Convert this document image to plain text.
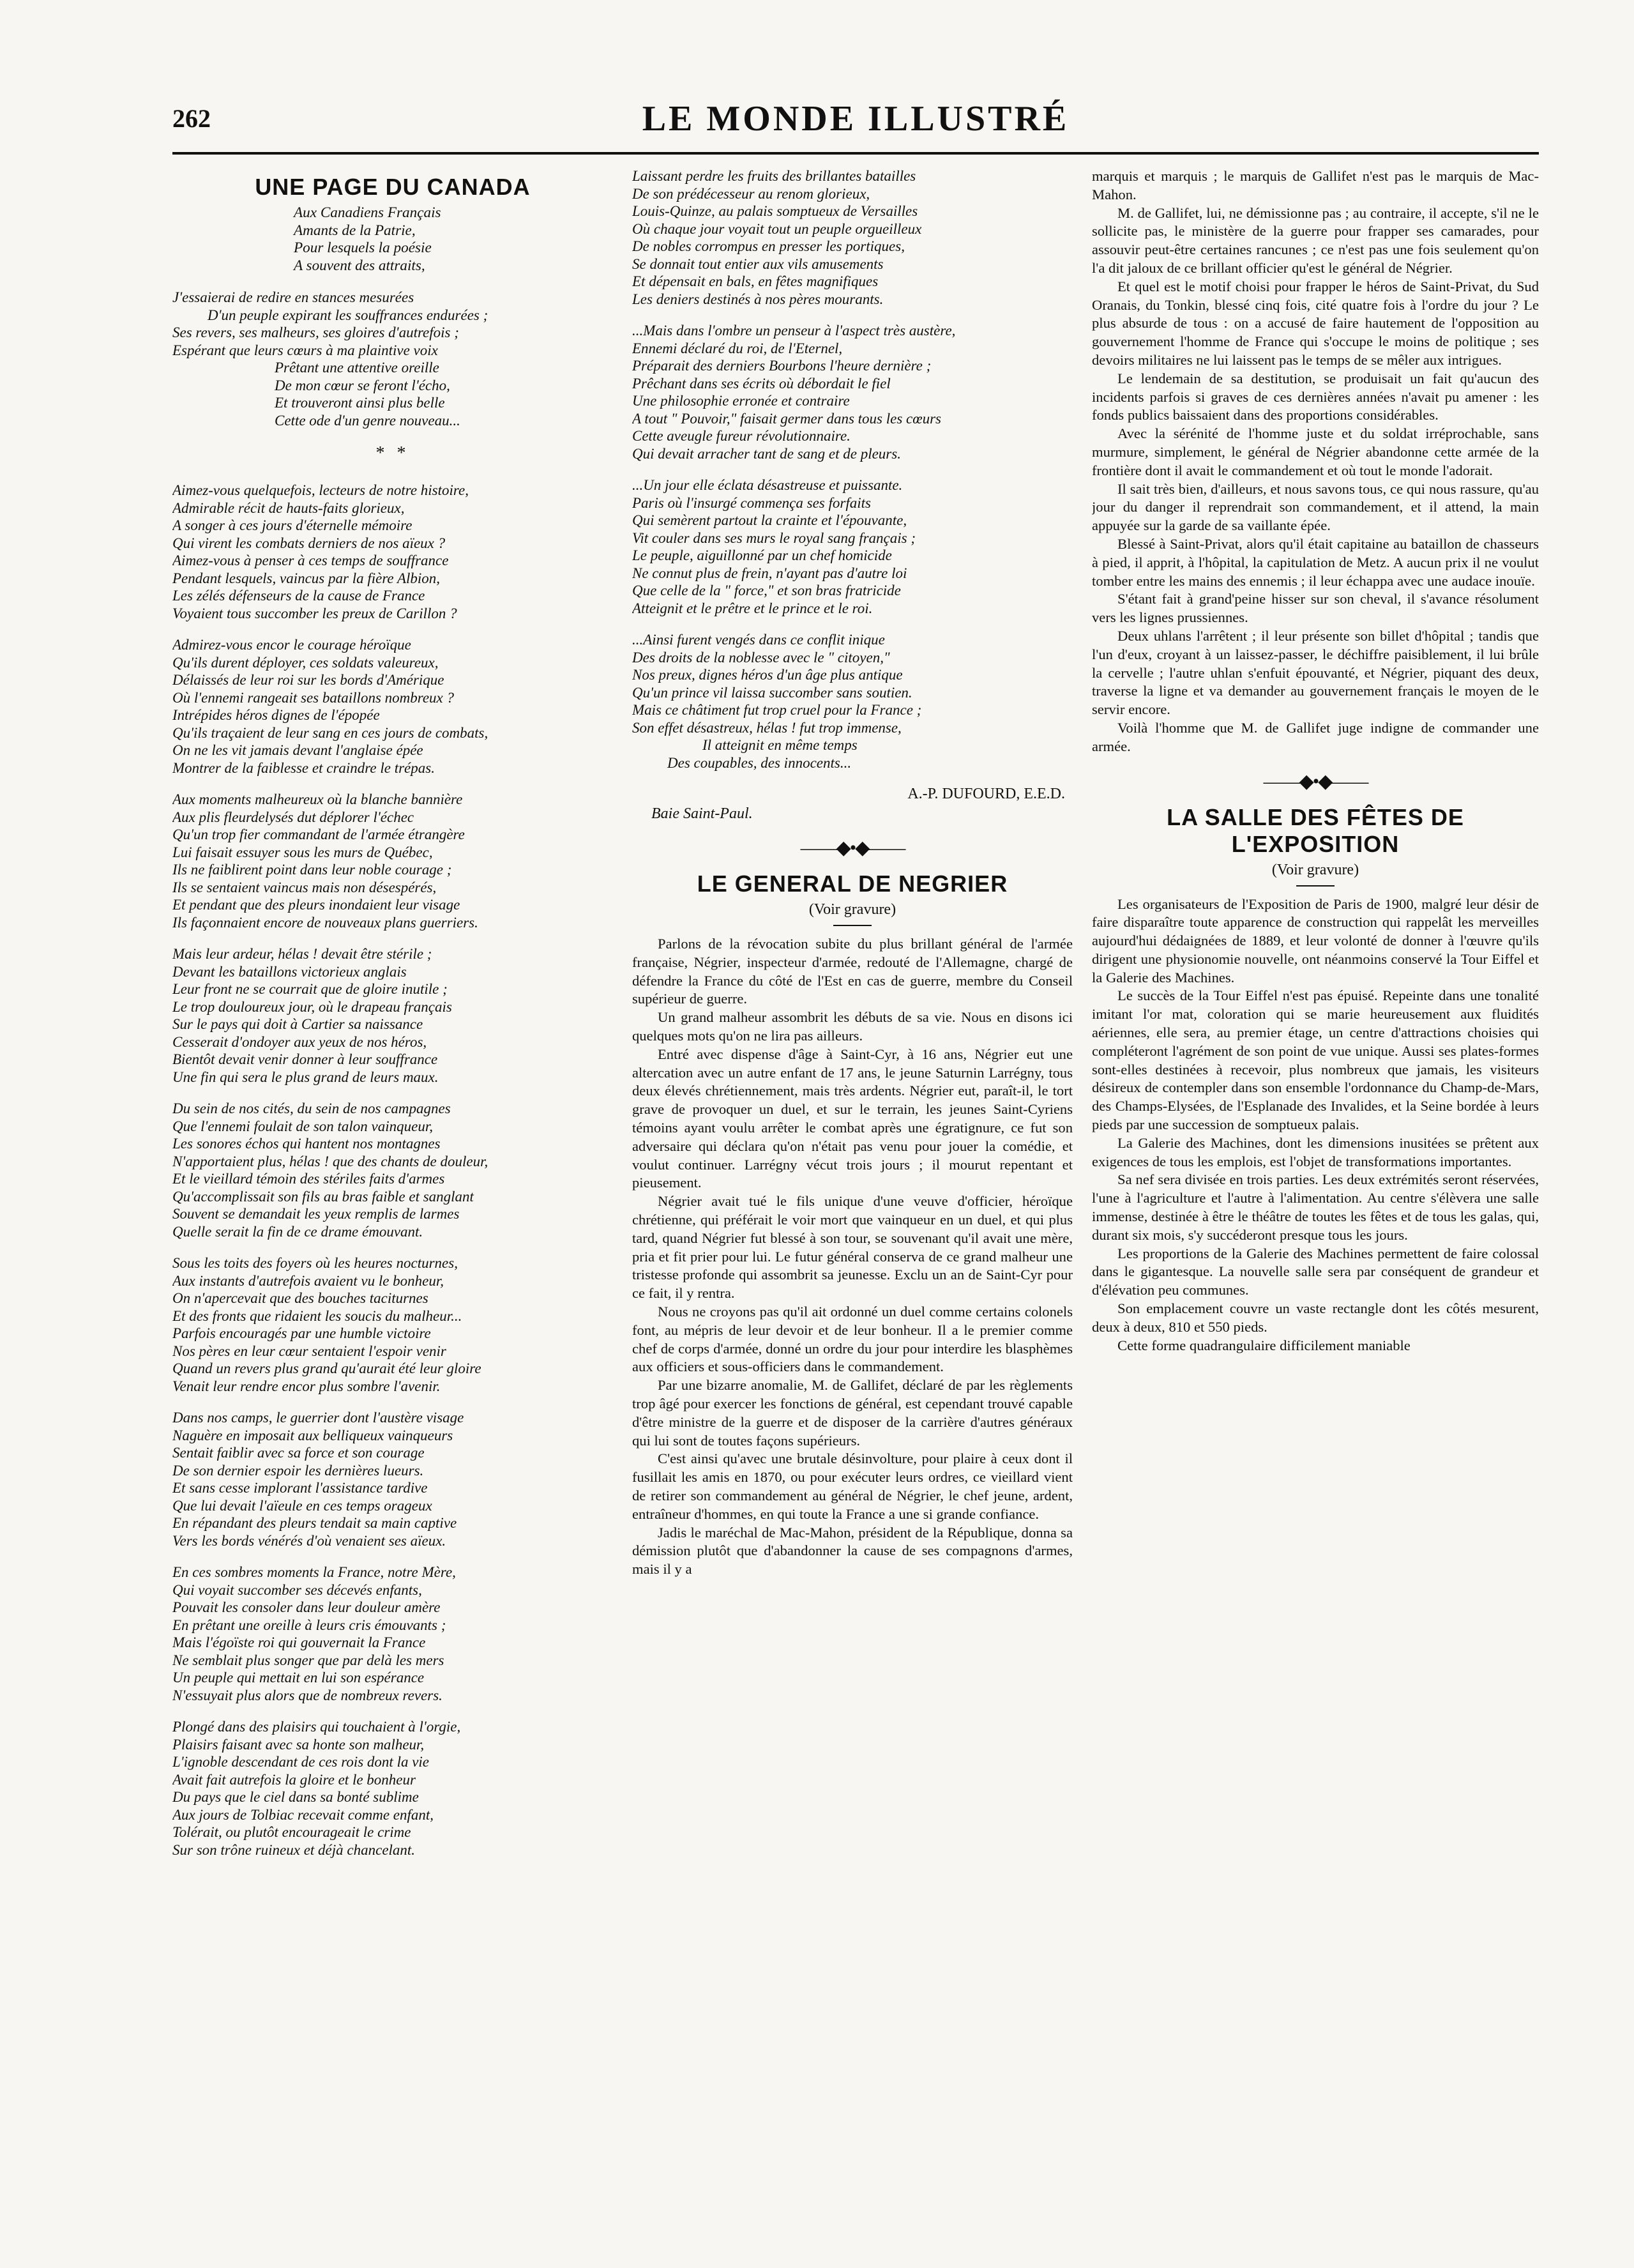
262	LE MONDE ILLUSTRÉ
UNE PAGE DU CANADA
Aux Canadiens Français
Amants de la Patrie,
Pour lesquels la poésie
A souvent des attraits,
J'essaierai de redire en stances mesurées
D'un peuple expirant les souffrances endurées ;
Ses revers, ses malheurs, ses gloires d'autrefois ;
Espérant que leurs cœurs à ma plaintive voix
Prêtant une attentive oreille
De mon cœur se feront l'écho,
Et trouveront ainsi plus belle
Cette ode d'un genre nouveau...
* *
Aimez-vous quelquefois, lecteurs de notre histoire,
Admirable récit de hauts-faits glorieux,
A songer à ces jours d'éternelle mémoire
Qui virent les combats derniers de nos aïeux ?
Aimez-vous à penser à ces temps de souffrance
Pendant lesquels, vaincus par la fière Albion,
Les zélés défenseurs de la cause de France
Voyaient tous succomber les preux de Carillon ?
Admirez-vous encor le courage héroïque
Qu'ils durent déployer, ces soldats valeureux,
Délaissés de leur roi sur les bords d'Amérique
Où l'ennemi rangeait ses bataillons nombreux ?
Intrépides héros dignes de l'épopée
Qu'ils traçaient de leur sang en ces jours de combats,
On ne les vit jamais devant l'anglaise épée
Montrer de la faiblesse et craindre le trépas.
Aux moments malheureux où la blanche bannière
Aux plis fleurdelysés dut déplorer l'échec
Qu'un trop fier commandant de l'armée étrangère
Lui faisait essuyer sous les murs de Québec,
Ils ne faiblirent point dans leur noble courage ;
Ils se sentaient vaincus mais non désespérés,
Et pendant que des pleurs inondaient leur visage
Ils façonnaient encore de nouveaux plans guerriers.
Mais leur ardeur, hélas ! devait être stérile ;
Devant les bataillons victorieux anglais
Leur front ne se courrait que de gloire inutile ;
Le trop douloureux jour, où le drapeau français
Sur le pays qui doit à Cartier sa naissance
Cesserait d'ondoyer aux yeux de nos héros,
Bientôt devait venir donner à leur souffrance
Une fin qui sera le plus grand de leurs maux.
Du sein de nos cités, du sein de nos campagnes
Que l'ennemi foulait de son talon vainqueur,
Les sonores échos qui hantent nos montagnes
N'apportaient plus, hélas ! que des chants de douleur,
Et le vieillard témoin des stériles faits d'armes
Qu'accomplissait son fils au bras faible et sanglant
Souvent se demandait les yeux remplis de larmes
Quelle serait la fin de ce drame émouvant.
Sous les toits des foyers où les heures nocturnes,
Aux instants d'autrefois avaient vu le bonheur,
On n'apercevait que des bouches taciturnes
Et des fronts que ridaient les soucis du malheur...
Parfois encouragés par une humble victoire
Nos pères en leur cœur sentaient l'espoir venir
Quand un revers plus grand qu'aurait été leur gloire
Venait leur rendre encor plus sombre l'avenir.
Dans nos camps, le guerrier dont l'austère visage
Naguère en imposait aux belliqueux vainqueurs
Sentait faiblir avec sa force et son courage
De son dernier espoir les dernières lueurs.
Et sans cesse implorant l'assistance tardive
Que lui devait l'aïeule en ces temps orageux
En répandant des pleurs tendait sa main captive
Vers les bords vénérés d'où venaient ses aïeux.
En ces sombres moments la France, notre Mère,
Qui voyait succomber ses décevés enfants,
Pouvait les consoler dans leur douleur amère
En prêtant une oreille à leurs cris émouvants ;
Mais l'égoïste roi qui gouvernait la France
Ne semblait plus songer que par delà les mers
Un peuple qui mettait en lui son espérance
N'essuyait plus alors que de nombreux revers.
Plongé dans des plaisirs qui touchaient à l'orgie,
Plaisirs faisant avec sa honte son malheur,
L'ignoble descendant de ces rois dont la vie
Avait fait autrefois la gloire et le bonheur
Du pays que le ciel dans sa bonté sublime
Aux jours de Tolbiac recevait comme enfant,
Tolérait, ou plutôt encourageait le crime
Sur son trône ruineux et déjà chancelant.
Laissant perdre les fruits des brillantes batailles
De son prédécesseur au renom glorieux,
Louis-Quinze, au palais somptueux de Versailles
Où chaque jour voyait tout un peuple orgueilleux
De nobles corrompus en presser les portiques,
Se donnait tout entier aux vils amusements
Et dépensait en bals, en fêtes magnifiques
Les deniers destinés à nos pères mourants.
...Mais dans l'ombre un penseur à l'aspect très austère,
Ennemi déclaré du roi, de l'Eternel,
Préparait des derniers Bourbons l'heure dernière ;
Prêchant dans ses écrits où débordait le fiel
Une philosophie erronée et contraire
A tout " Pouvoir," faisait germer dans tous les cœurs
Cette aveugle fureur révolutionnaire.
Qui devait arracher tant de sang et de pleurs.
...Un jour elle éclata désastreuse et puissante.
Paris où l'insurgé commença ses forfaits
Qui semèrent partout la crainte et l'épouvante,
Vit couler dans ses murs le royal sang français ;
Le peuple, aiguillonné par un chef homicide
Ne connut plus de frein, n'ayant pas d'autre loi
Que celle de la " force," et son bras fratricide
Atteignit et le prêtre et le prince et le roi.
...Ainsi furent vengés dans ce conflit inique
Des droits de la noblesse avec le " citoyen,"
Nos preux, dignes héros d'un âge plus antique
Qu'un prince vil laissa succomber sans soutien.
Mais ce châtiment fut trop cruel pour la France ;
Son effet désastreux, hélas ! fut trop immense,
Il atteignit en même temps
Des coupables, des innocents...
A.-P. DUFOURD, E.E.D.
Baie Saint-Paul.
——◆•◆——
LE GENERAL DE NEGRIER
(Voir gravure)

Parlons de la révocation subite du plus brillant général de l'armée française, Négrier, inspecteur d'armée, redouté de l'Allemagne, chargé de défendre la France du côté de l'Est en cas de guerre, membre du Conseil supérieur de guerre.

Un grand malheur assombrit les débuts de sa vie. Nous en disons ici quelques mots qu'on ne lira pas ailleurs.

Entré avec dispense d'âge à Saint-Cyr, à 16 ans, Négrier eut une altercation avec un autre enfant de 17 ans, le jeune Saturnin Larrégny, tous deux élevés chrétiennement, mais très ardents. Négrier eut, paraît-il, le tort grave de provoquer un duel, et sur le terrain, les jeunes Saint-Cyriens témoins ayant voulu arrêter le combat après une égratignure, ce fut son adversaire qui déclara qu'on n'était pas venu pour jouer la comédie, et voulut continuer. Larrégny vécut trois jours ; il mourut repentant et pieusement.

Négrier avait tué le fils unique d'une veuve d'officier, héroïque chrétienne, qui préférait le voir mort que vainqueur en un duel, et qui plus tard, quand Négrier fut blessé à son tour, se souvenant qu'il avait une mère, pria et fit prier pour lui. Le futur général conserva de ce grand malheur une tristesse profonde qui assombrit sa jeunesse. Exclu un an de Saint-Cyr pour ce fait, il y rentra.

Nous ne croyons pas qu'il ait ordonné un duel comme certains colonels font, au mépris de leur devoir et de leur bonheur. Il a le premier comme chef de corps d'armée, donné un ordre du jour pour interdire les blasphèmes aux officiers et sous-officiers dans le commandement.

Par une bizarre anomalie, M. de Gallifet, déclaré de par les règlements trop âgé pour exercer les fonctions de général, est cependant trouvé capable d'être ministre de la guerre et de disposer de la carrière d'autres généraux qui lui sont de toutes façons supérieurs.

C'est ainsi qu'avec une brutale désinvolture, pour plaire à ceux dont il fusillait les amis en 1870, ou pour exécuter leurs ordres, ce vieillard vient de retirer son commandement au général de Négrier, le chef jeune, ardent, entraîneur d'hommes, en qui toute la France a une si grande confiance.

Jadis le maréchal de Mac-Mahon, président de la République, donna sa démission plutôt que d'abandonner la cause de ses compagnons d'armes, mais il y a

marquis et marquis ; le marquis de Gallifet n'est pas le marquis de Mac-Mahon.

M. de Gallifet, lui, ne démissionne pas ; au contraire, il accepte, s'il ne le sollicite pas, le ministère de la guerre pour frapper ses camarades, pour assouvir peut-être certaines rancunes ; ce n'est pas une fois seulement qu'on l'a dit jaloux de ce brillant officier qu'est le général de Négrier.

Et quel est le motif choisi pour frapper le héros de Saint-Privat, du Sud Oranais, du Tonkin, blessé cinq fois, cité quatre fois à l'ordre du jour ? Le plus absurde de tous : on a accusé de faire hautement de l'opposition au gouvernement l'homme de France qui s'occupe le moins de politique ; ses devoirs militaires ne lui laissent pas le temps de se mêler aux intrigues.

Le lendemain de sa destitution, se produisait un fait qu'aucun des incidents parfois si graves de ces dernières années n'avait pu amener : les fonds publics baissaient dans des proportions considérables.

Avec la sérénité de l'homme juste et du soldat irréprochable, sans murmure, simplement, le général de Négrier abandonne cette armée de la frontière dont il avait le commandement et où tout le monde l'adorait.

Il sait très bien, d'ailleurs, et nous savons tous, ce qui nous rassure, qu'au jour du danger il reprendrait son commandement, et il attend, la main appuyée sur la garde de sa vaillante épée.

Blessé à Saint-Privat, alors qu'il était capitaine au bataillon de chasseurs à pied, il apprit, à l'hôpital, la capitulation de Metz. A aucun prix il ne voulut tomber entre les mains des ennemis ; il leur échappa avec une audace inouïe.

S'étant fait à grand'peine hisser sur son cheval, il s'avance résolument vers les lignes prussiennes.

Deux uhlans l'arrêtent ; il leur présente son billet d'hôpital ; tandis que l'un d'eux, croyant à un laissez-passer, le déchiffre paisiblement, il lui brûle la cervelle ; l'autre uhlan s'enfuit épouvanté, et Négrier, piquant des deux, traverse la ligne et va demander au gouvernement français le moyen de le servir encore.

Voilà l'homme que M. de Gallifet juge indigne de commander une armée.

——◆•◆——
LA SALLE DES FÊTES DE L'EXPOSITION
(Voir gravure)

Les organisateurs de l'Exposition de Paris de 1900, malgré leur désir de faire disparaître toute apparence de construction qui rappelât les merveilles aujourd'hui dédaignées de 1889, et leur volonté de donner à l'œuvre qu'ils dirigent une physionomie nouvelle, ont néanmoins conservé la Tour Eiffel et la Galerie des Machines.

Le succès de la Tour Eiffel n'est pas épuisé. Repeinte dans une tonalité imitant l'or mat, coloration qui se marie heureusement aux fluidités aériennes, elle sera, au premier étage, un centre d'attractions choisies qui compléteront l'agrément de son point de vue unique. Aussi ses plates-formes sont-elles destinées à recevoir, plus nombreux que jamais, les visiteurs désireux de contempler dans son ensemble l'ordonnance du Champ-de-Mars, des Champs-Elysées, de l'Esplanade des Invalides, et la Seine bordée à leurs pieds par une succession de somptueux palais.

La Galerie des Machines, dont les dimensions inusitées se prêtent aux exigences de tous les emplois, est l'objet de transformations importantes.

Sa nef sera divisée en trois parties. Les deux extrémités seront réservées, l'une à l'agriculture et l'autre à l'alimentation. Au centre s'élèvera une salle immense, destinée à être le théâtre de toutes les fêtes et de tous les galas, qui, durant six mois, s'y succéderont presque tous les jours.

Les proportions de la Galerie des Machines permettent de faire colossal dans le gigantesque. La nouvelle salle sera par conséquent de grandeur et d'élévation peu communes.

Son emplacement couvre un vaste rectangle dont les côtés mesurent, deux à deux, 810 et 550 pieds.

Cette forme quadrangulaire difficilement maniable
